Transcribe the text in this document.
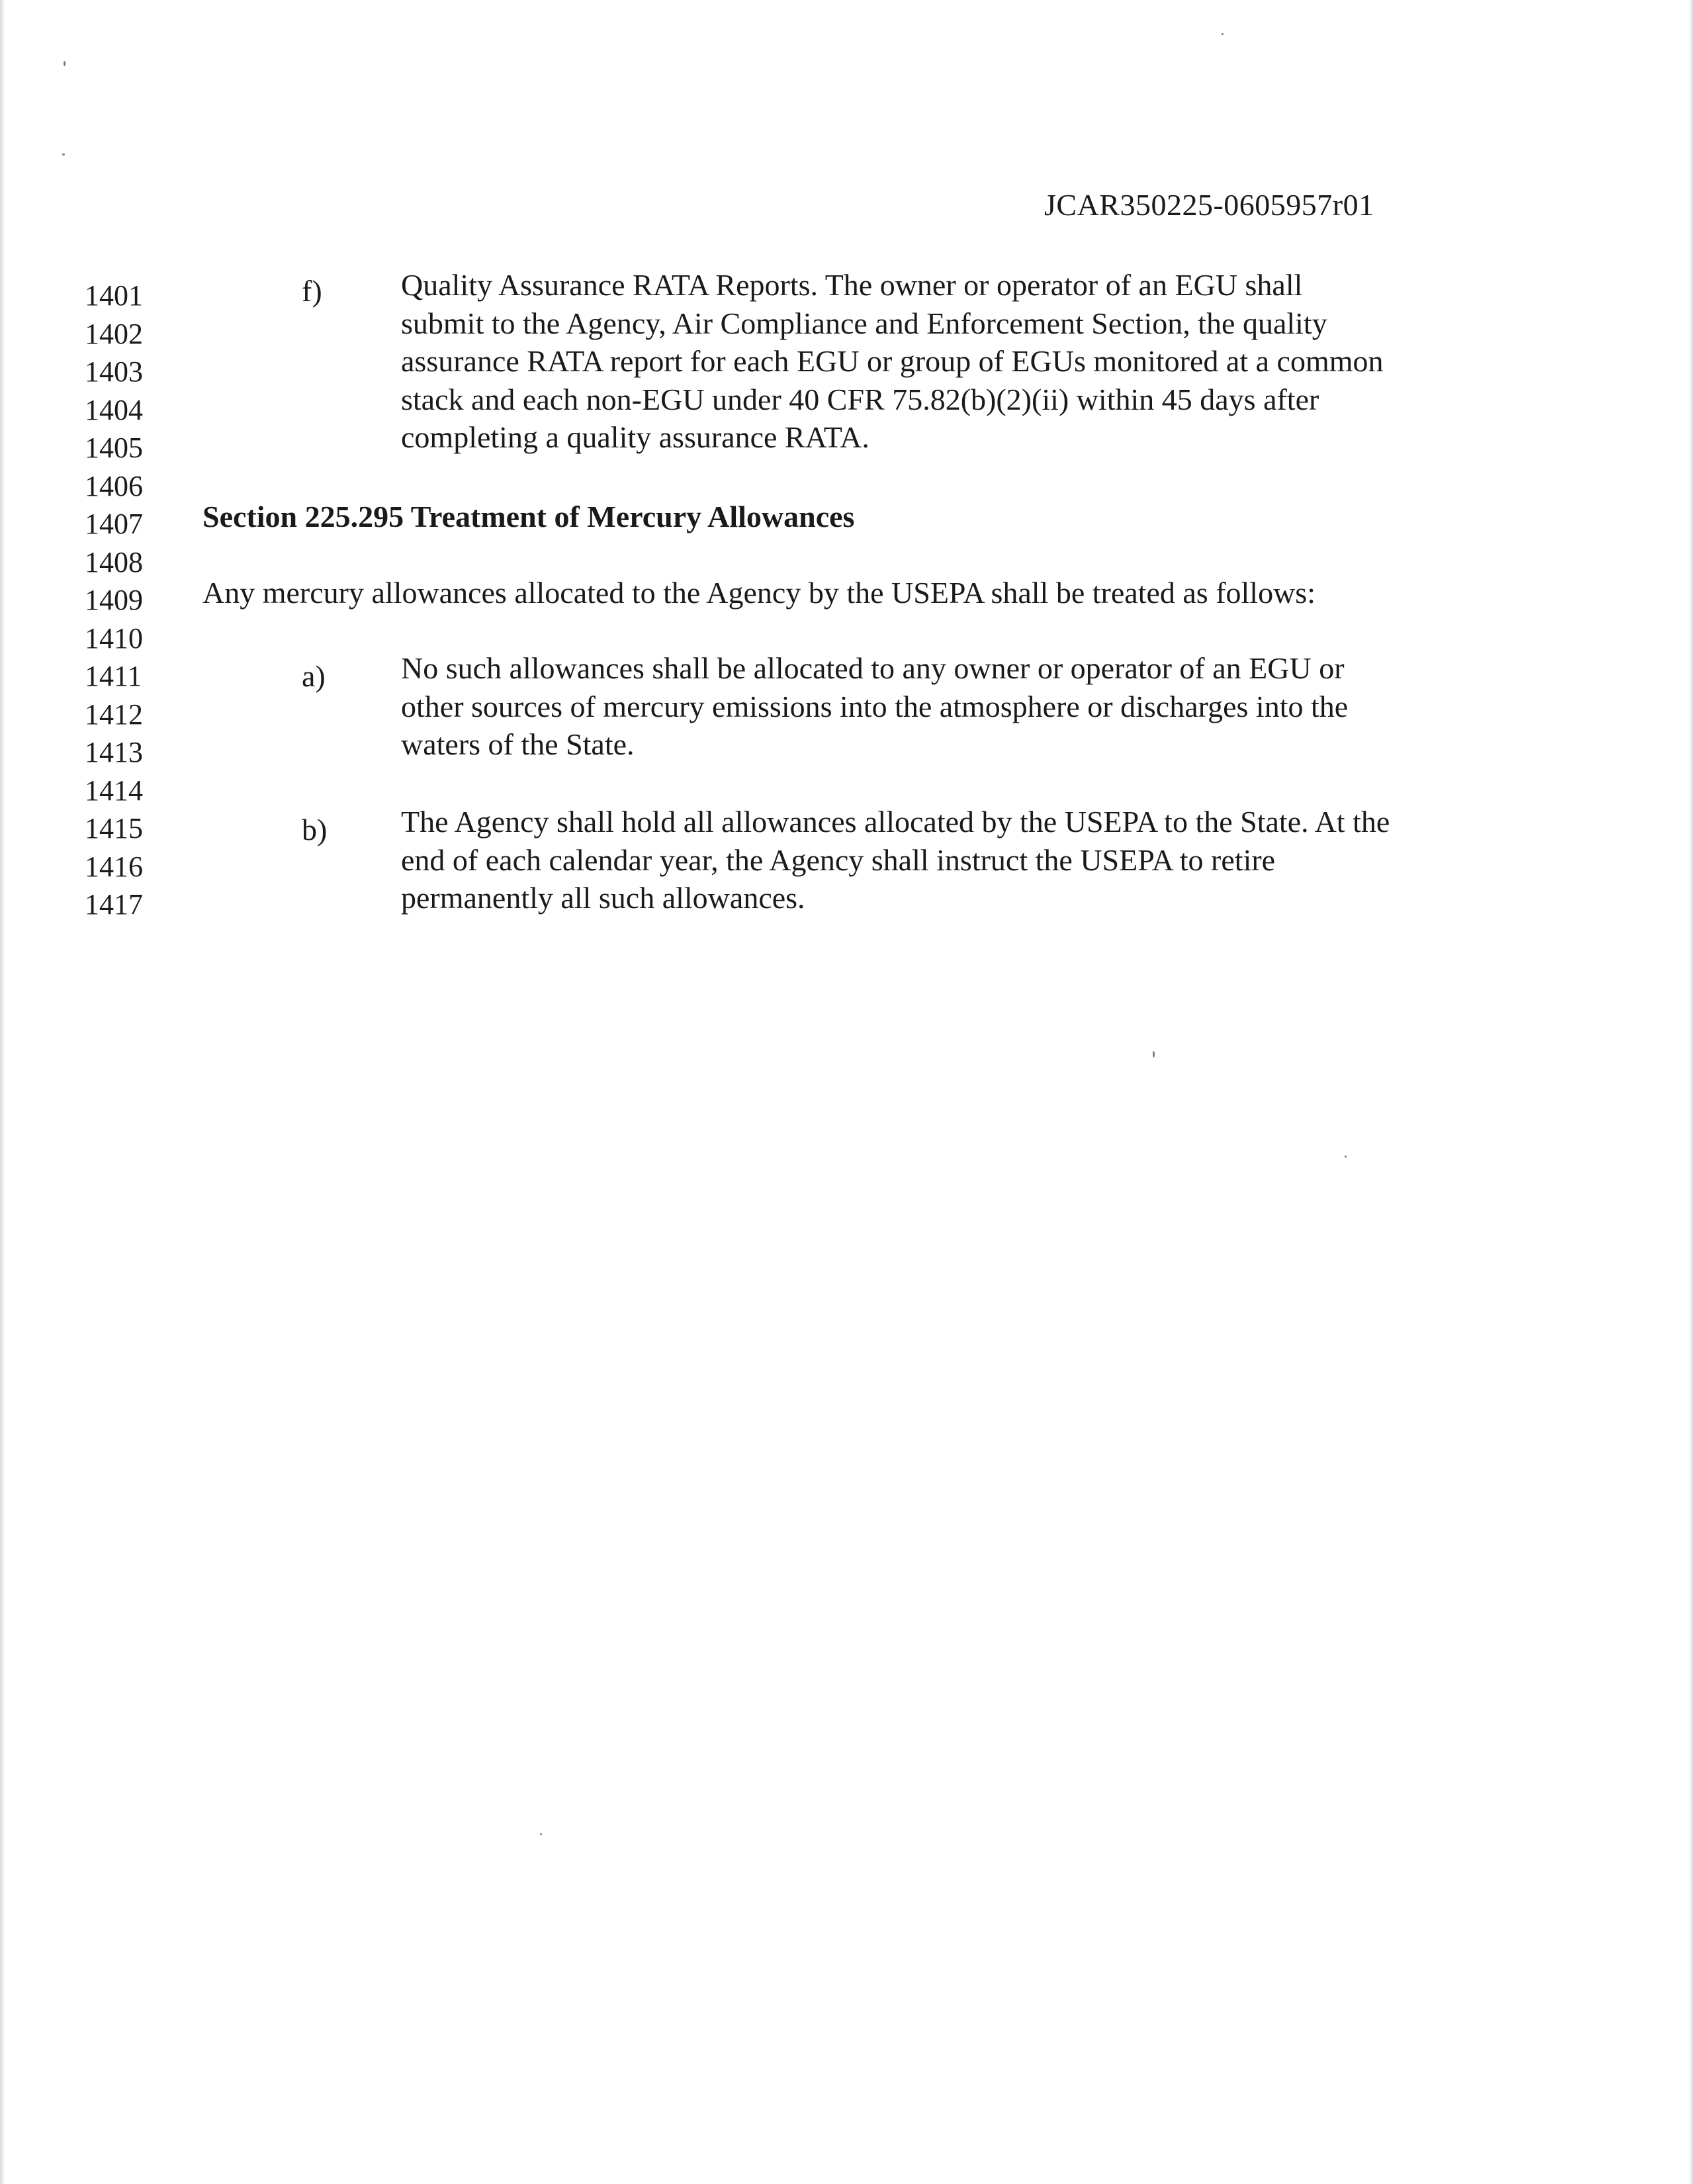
JCAR350225-0605957r01
1401
1402
1403
1404
1405
1406
1407
1408
1409
1410
1411
1412
1413
1414
1415
1416
1417
f)	Quality Assurance RATA Reports. The owner or operator of an EGU shall
submit to the Agency, Air Compliance and Enforcement Section, the quality
assurance RATA report for each EGU or group of EGUs monitored at a common
stack and each non-EGU under 40 CFR 75.82(b)(2)(ii) within 45 days after
completing a quality assurance RATA.
Section 225.295 Treatment of Mercury Allowances
Any mercury allowances allocated to the Agency by the USEPA shall be treated as follows:
a) No such allowances shall be allocated to any owner or operator of an EGU or
other sources of mercury emissions into the atmosphere or discharges into the
waters of the State.
b) The Agency shall hold all allowances allocated by the USEPA to the State. At the
end of each calendar year, the Agency shall instruct the USEPA to retire
permanently all such allowances.
